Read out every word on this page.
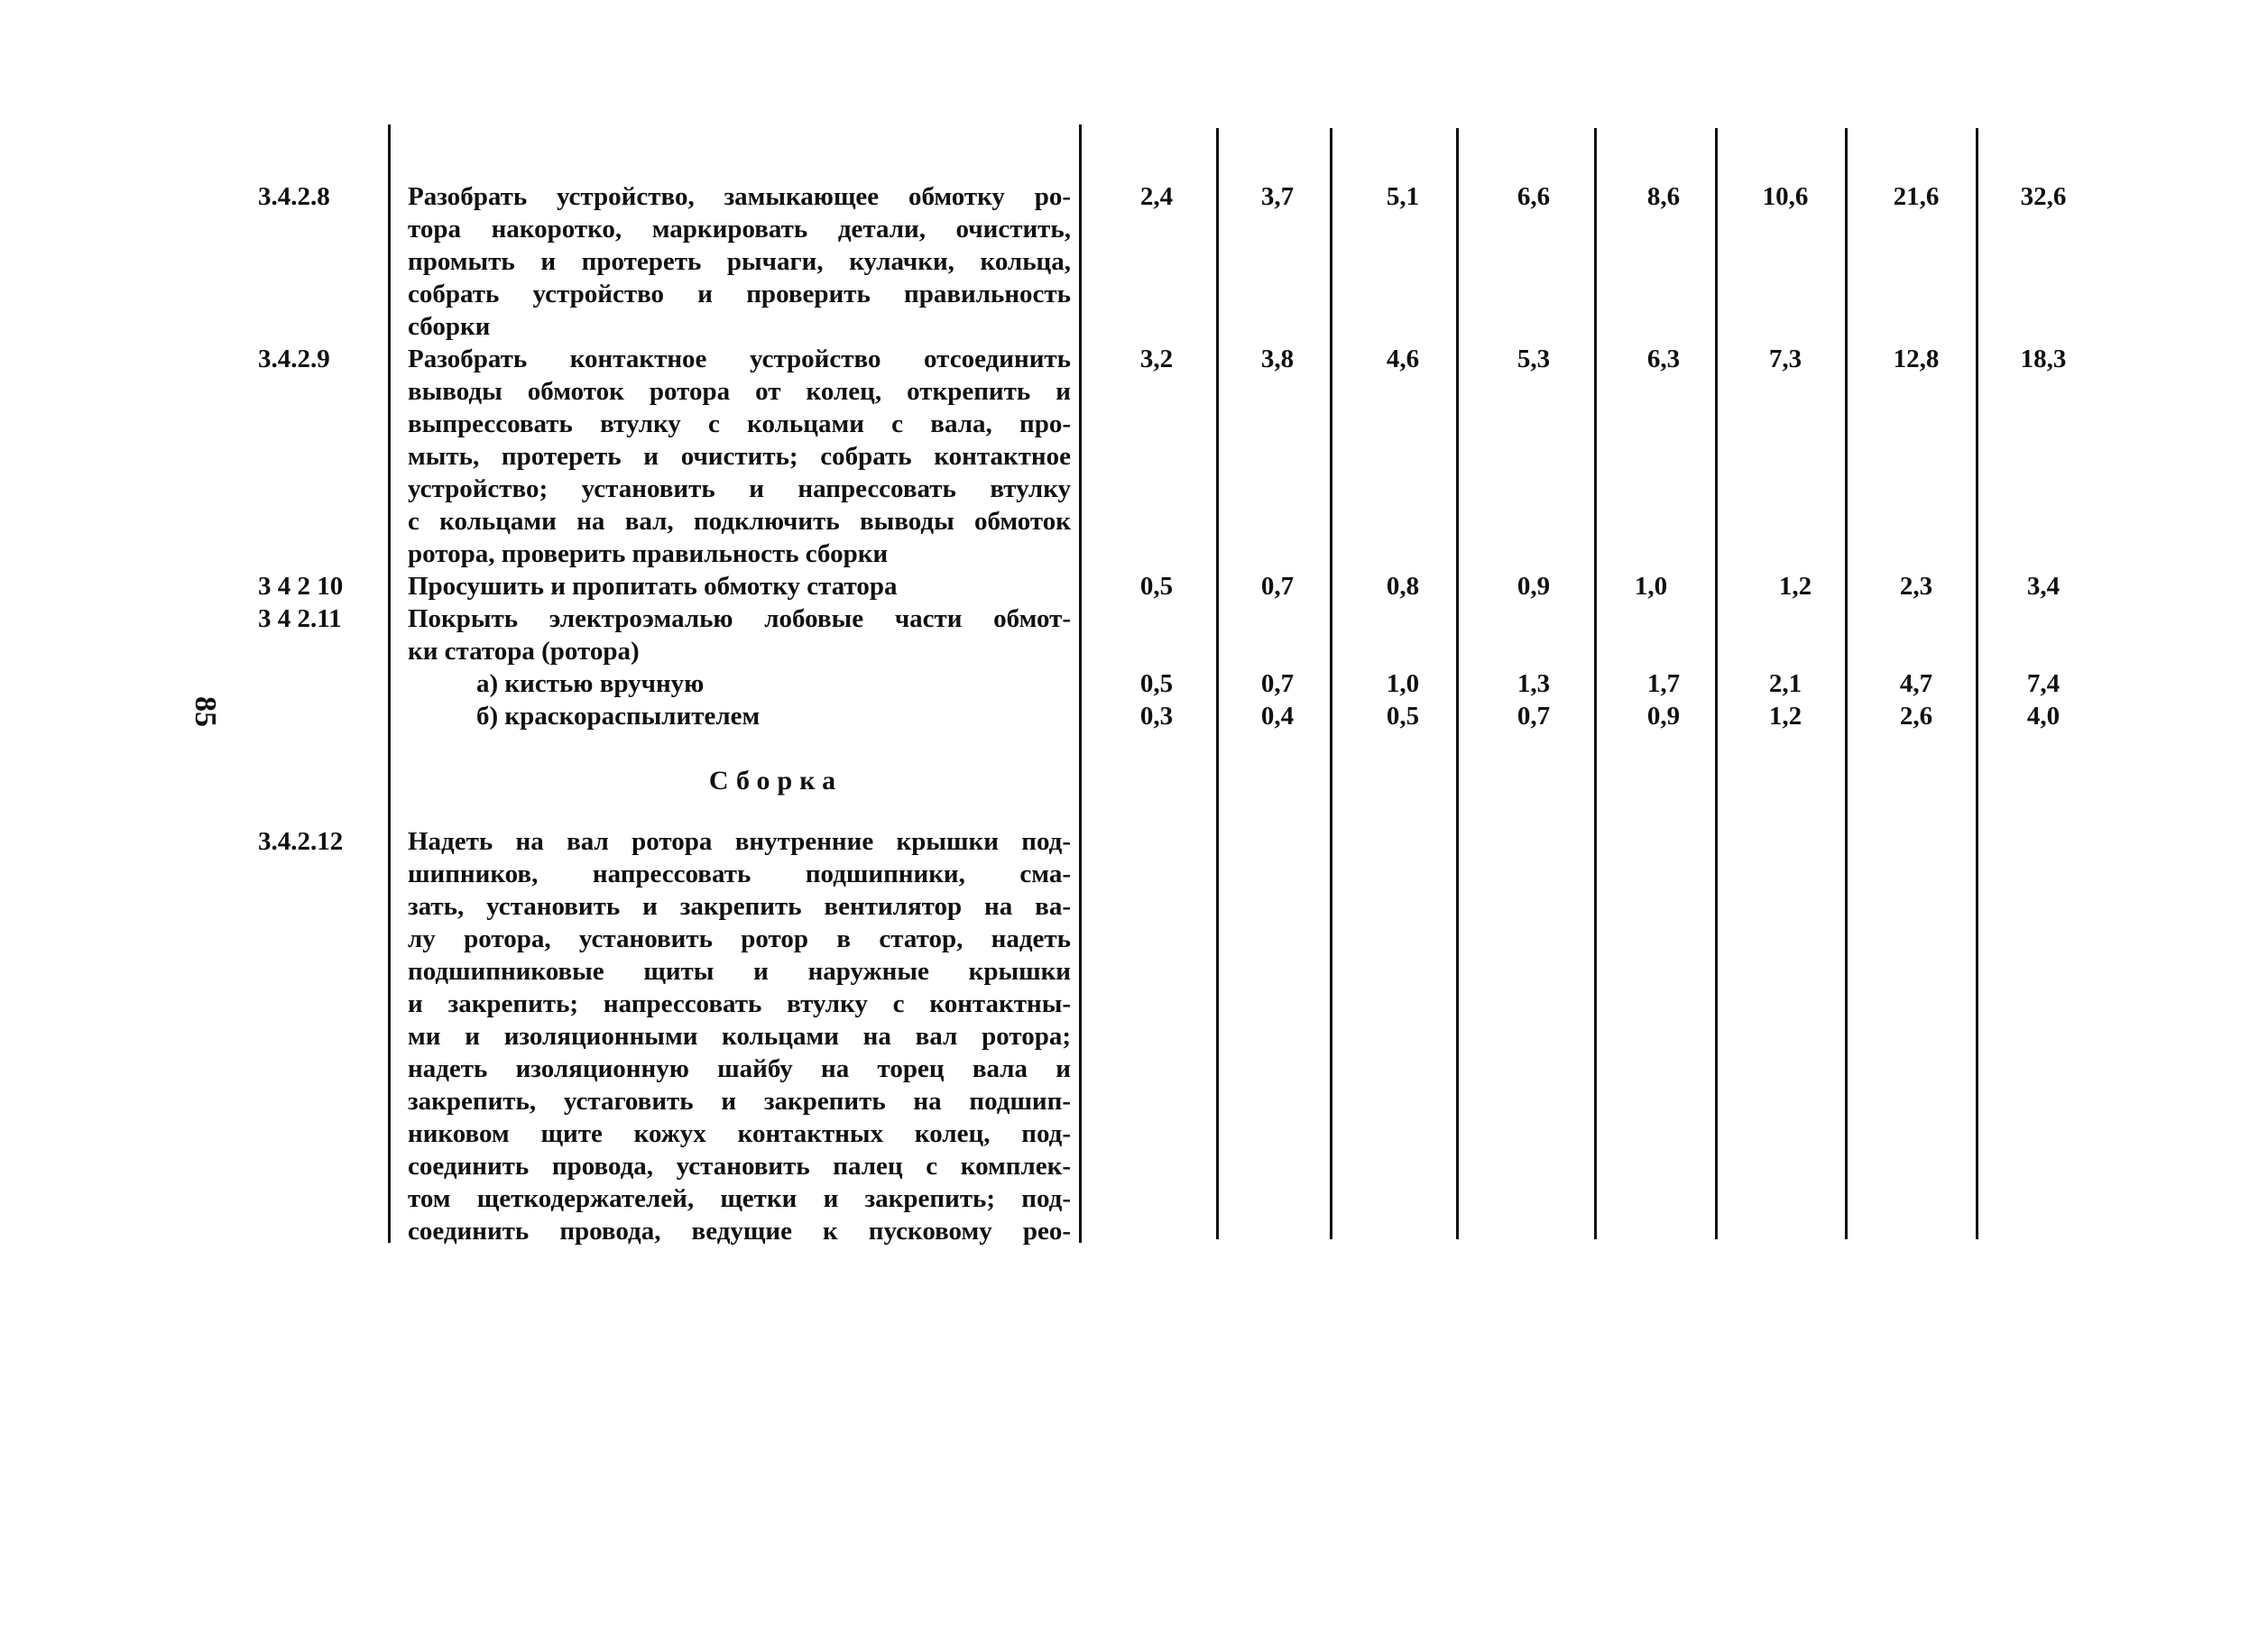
85
3.4.2.8	Разобрать устройство, замыкающее обмотку ро-
тора накоротко, маркировать детали, очистить,
промыть и протереть рычаги, кулачки, кольца,
собрать устройство и проверить правильность
сборки
2,4	3,7	5,1	6,6	8,6	10,6	21,6	32,6
3.4.2.9	Разобрать контактное устройство отсоединить
выводы обмоток ротора от колец, открепить и
выпрессовать втулку с кольцами с вала, про-
мыть, протереть и очистить; собрать контактное
устройство; установить и напрессовать втулку
с кольцами на вал, подключить выводы обмоток
ротора, проверить правильность сборки
3,2	3,8	4,6	5,3	6,3	7,3	12,8	18,3
3 4 2 10	Просушить и пропитать обмотку статора	0,5	0,7	0,8	0,9	1,0	1,2	2,3	3,4
3 4 2.11	Покрыть электроэмалью лобовые части обмот-
ки статора (ротора)
а) кистью вручную	0,5	0,7	1,0	1,3	1,7	2,1	4,7	7,4
б) краскораспылителем	0,3	0,4	0,5	0,7	0,9	1,2	2,6	4,0
Сборка
3.4.2.12	Надеть на вал ротора внутренние крышки под-
шипников, напрессовать подшипники, сма-
зать, установить и закрепить вентилятор на ва-
лу ротора, установить ротор в статор, надеть
подшипниковые щиты и наружные крышки
и закрепить; напрессовать втулку с контактны-
ми и изоляционными кольцами на вал ротора;
надеть изоляционную шайбу на торец вала и
закрепить, устаговить и закрепить на подшип-
никовом щите кожух контактных колец, под-
соединить провода, установить палец с комплек-
том щеткодержателей, щетки и закрепить; под-
соединить провода, ведущие к пусковому рео-
